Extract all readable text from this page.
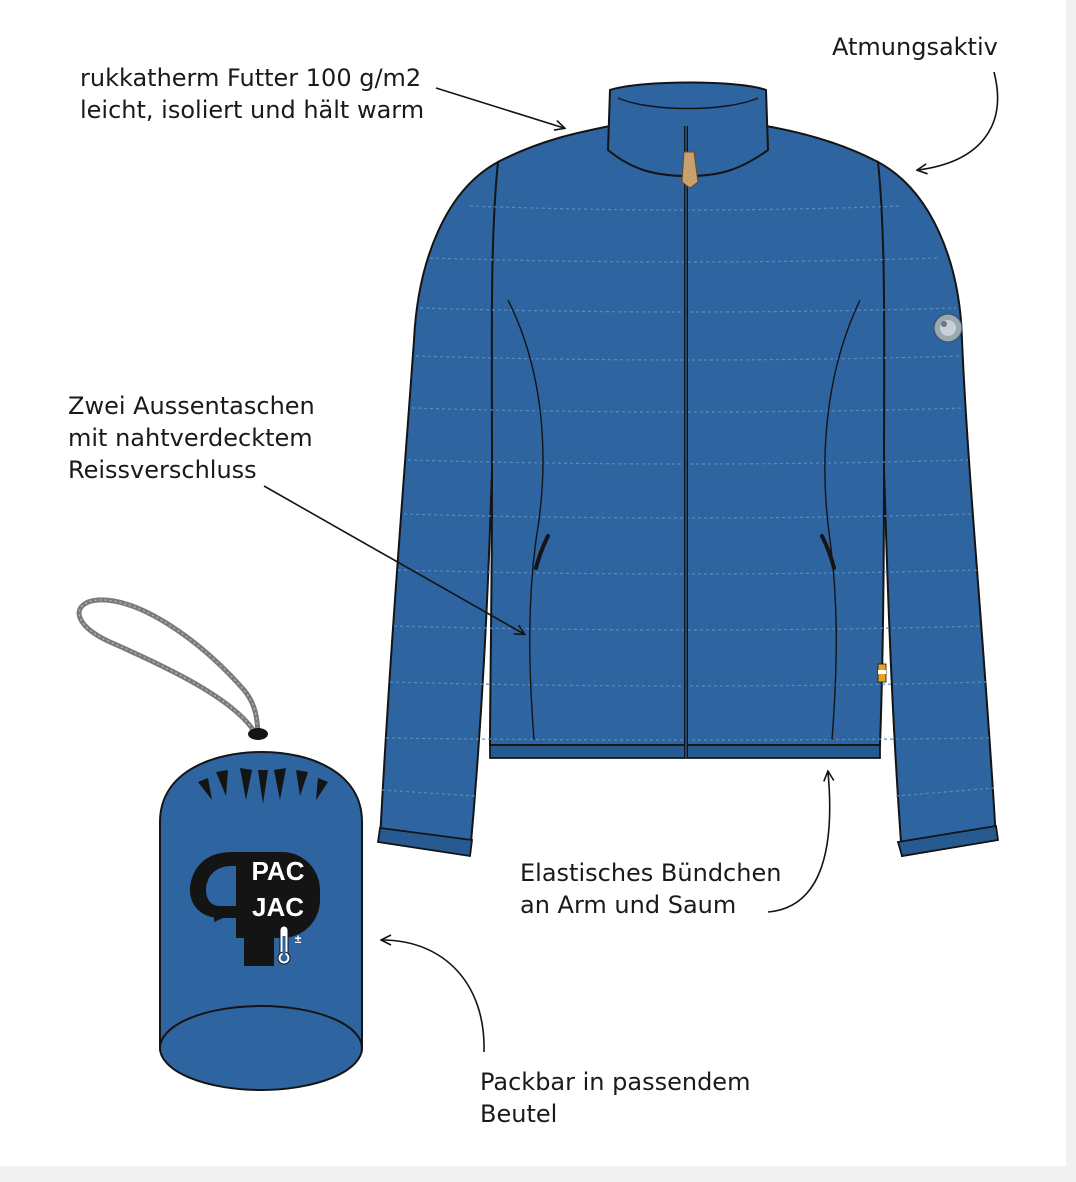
PAC
JAC
±
rukkatherm Futter 100 g/m2
leicht, isoliert und hält warm
Atmungsaktiv
Zwei Aussentaschen
mit nahtverdecktem
Reissverschluss
Elastisches Bündchen
an Arm und Saum
Packbar in passendem
Beutel
